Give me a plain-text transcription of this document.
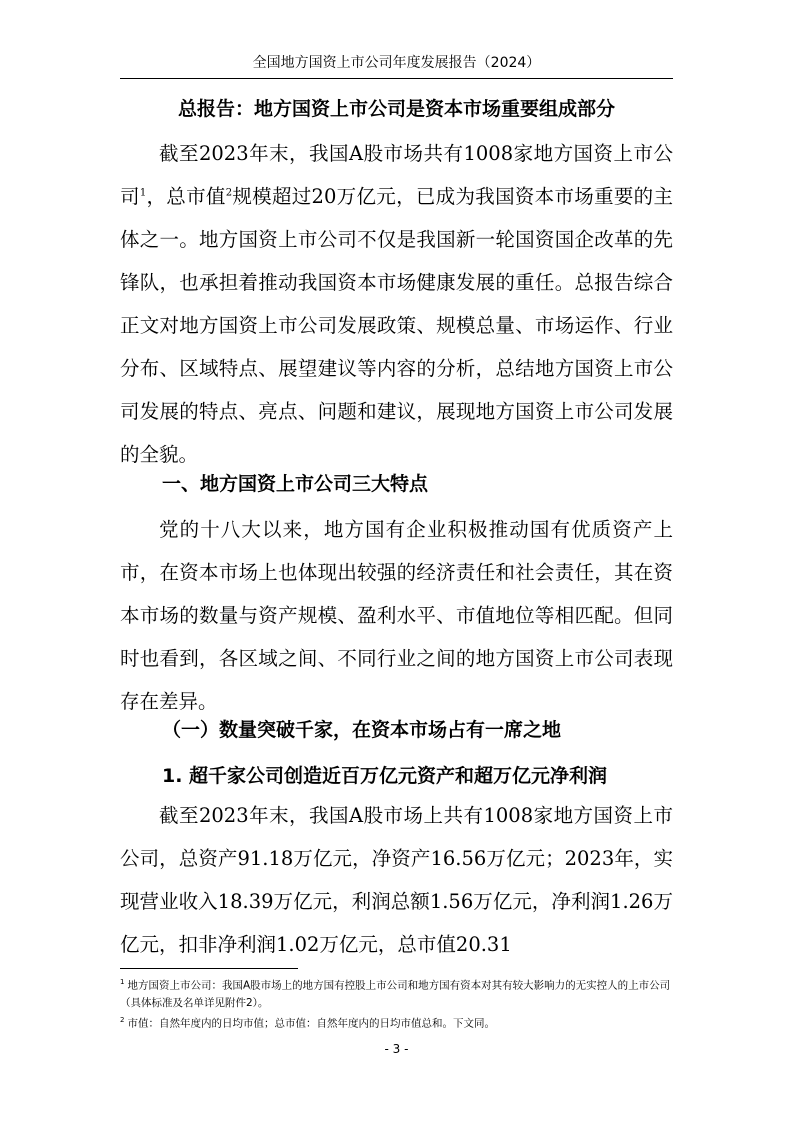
全国地方国资上市公司年度发展报告（2024）
总报告：地方国资上市公司是资本市场重要组成部分

截至2023年末，我国A股市场共有1008家地方国资上市公司$^1$，总市值$^2$规模超过20万亿元，已成为我国资本市场重要的主体之一。地方国资上市公司不仅是我国新一轮国资国企改革的先锋队，也承担着推动我国资本市场健康发展的重任。总报告综合正文对地方国资上市公司发展政策、规模总量、市场运作、行业分布、区域特点、展望建议等内容的分析，总结地方国资上市公司发展的特点、亮点、问题和建议，展现地方国资上市公司发展的全貌。

一、地方国资上市公司三大特点

党的十八大以来，地方国有企业积极推动国有优质资产上市，在资本市场上也体现出较强的经济责任和社会责任，其在资本市场的数量与资产规模、盈利水平、市值地位等相匹配。但同时也看到，各区域之间、不同行业之间的地方国资上市公司表现存在差异。

（一）数量突破千家，在资本市场占有一席之地
1. 超千家公司创造近百万亿元资产和超万亿元净利润

截至2023年末，我国A股市场上共有1008家地方国资上市公司，总资产91.18万亿元，净资产16.56万亿元；2023年，实现营业收入18.39万亿元，利润总额1.56万亿元，净利润1.26万亿元，扣非净利润1.02万亿元，总市值20.31

$^1$ 地方国资上市公司：我国A股市场上的地方国有控股上市公司和地方国有资本对其有较大影响力的无实控人的上市公司（具体标准及名单详见附件2）。

$^2$ 市值：自然年度内的日均市值；总市值：自然年度内的日均市值总和。下文同。

- 3 -
